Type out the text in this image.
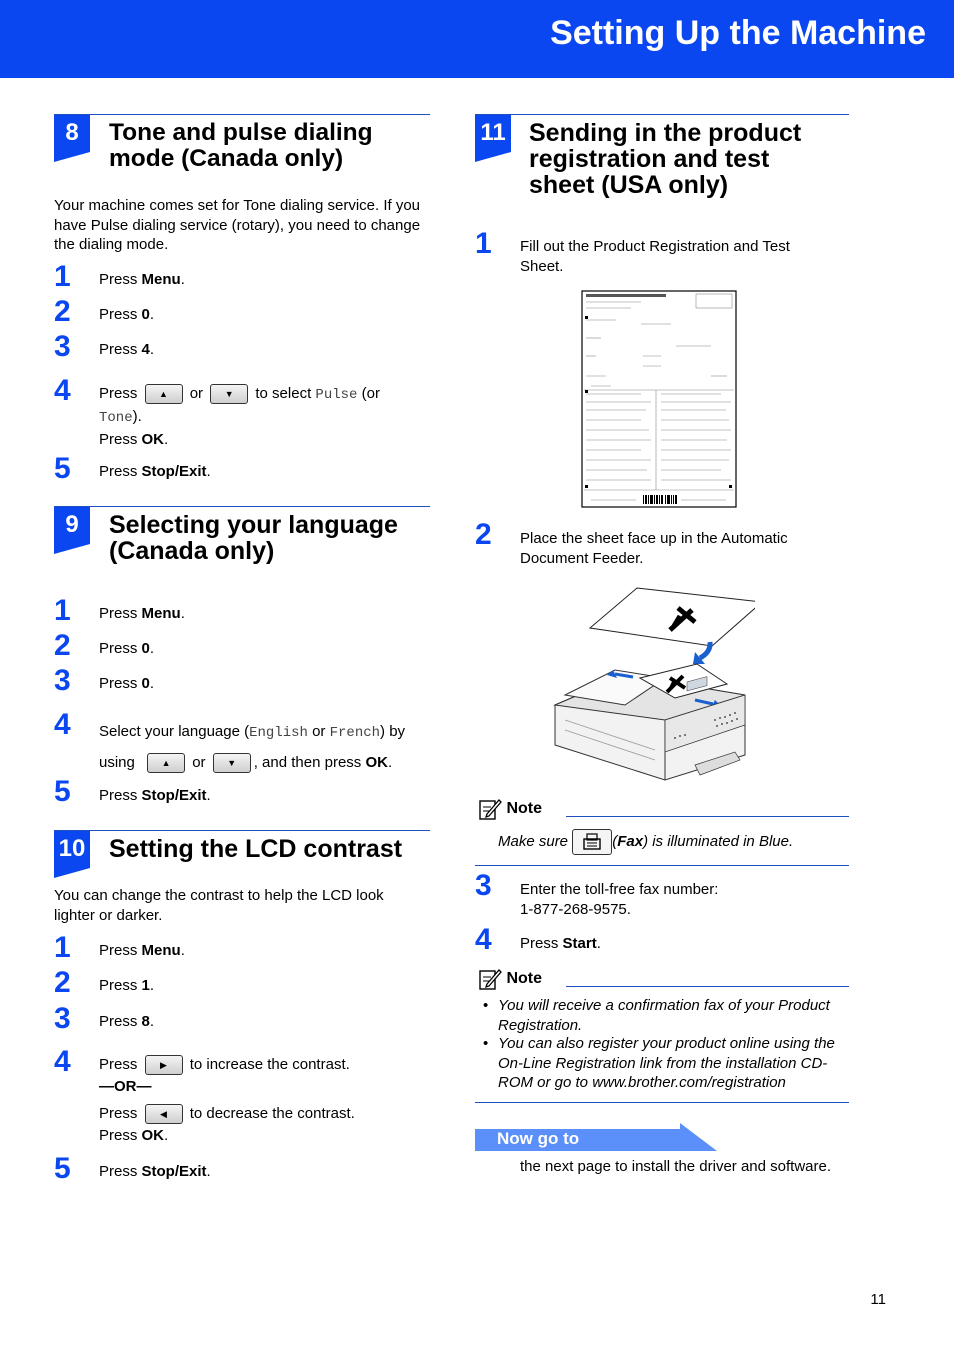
Setting Up the Machine
8	Tone and pulse dialing mode (Canada only)
Your machine comes set for Tone dialing service. If you have Pulse dialing service (rotary), you need to change the dialing mode.
1 Press Menu.
2 Press 0.
3 Press 4.
4 Press	▲	or	▼	to select Pulse (or
Tone).
Press OK.
5 Press Stop/Exit.
9	Selecting your language (Canada only)
1 Press Menu.
2 Press 0.
3 Press 0.
4 Select your language (English or French) by
using	▲	or	▼	, and then press OK.
5 Press Stop/Exit.
10 Setting the LCD contrast
You can change the contrast to help the LCD look lighter or darker.
1 Press Menu.
2 Press 1.
3 Press 8.
4 Press	▶	to increase the contrast.
—OR—

Press	◀	to decrease the contrast.
Press OK.
5 Press Stop/Exit.
11 Sending in the product registration and test sheet (USA only)
1 Fill out the Product Registration and Test Sheet.
2 Place the sheet face up in the Automatic Document Feeder.
Note
Make sure	(Fax) is illuminated in Blue.
3 Enter the toll-free fax number:
1-877-268-9575.
4 Press Start.
Note
• You will receive a confirmation fax of your Product Registration.
• You can also register your product online using the On-Line Registration link from the installation CD-ROM or go to www.brother.com/registration
Now go to
the next page to install the driver and software.
11
